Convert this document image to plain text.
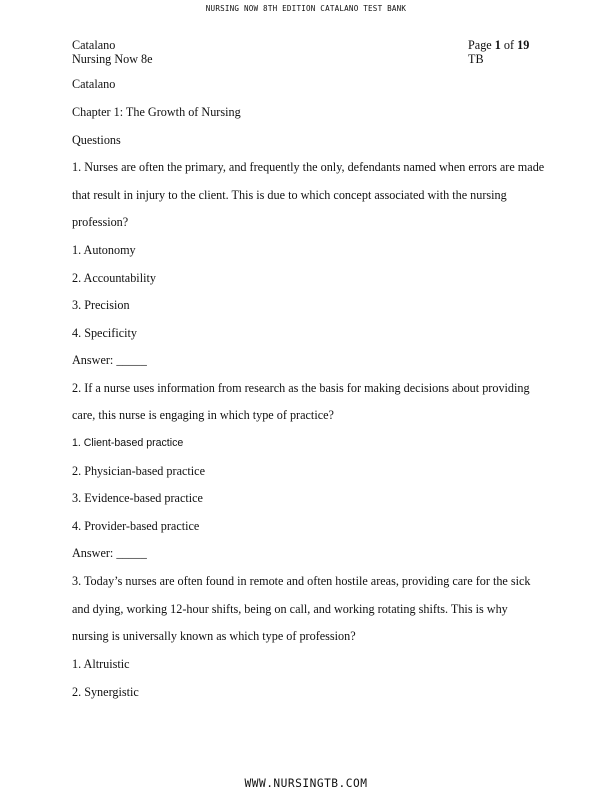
NURSING NOW 8TH EDITION CATALANO TEST BANK
Catalano
Nursing Now 8e
Page 1 of 19
TB
Catalano
Chapter 1: The Growth of Nursing
Questions
1. Nurses are often the primary, and frequently the only, defendants named when errors are made
that result in injury to the client. This is due to which concept associated with the nursing
profession?
1. Autonomy
2. Accountability
3. Precision
4. Specificity
Answer: _____
2. If a nurse uses information from research as the basis for making decisions about providing
care, this nurse is engaging in which type of practice?
1. Client-based practice
2. Physician-based practice
3. Evidence-based practice
4. Provider-based practice
Answer: _____
3. Today’s nurses are often found in remote and often hostile areas, providing care for the sick
and dying, working 12-hour shifts, being on call, and working rotating shifts. This is why
nursing is universally known as which type of profession?
1. Altruistic
2. Synergistic
WWW.NURSINGTB.COM
